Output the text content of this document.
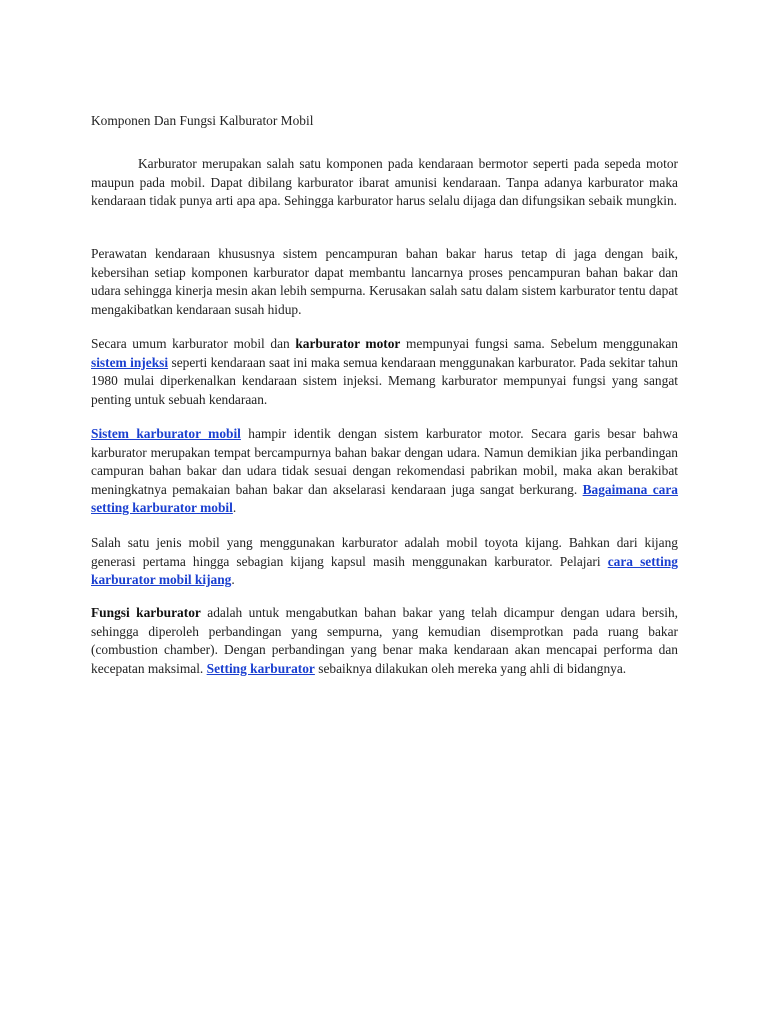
Komponen Dan Fungsi Kalburator Mobil

Karburator merupakan salah satu komponen pada kendaraan bermotor seperti pada sepeda motor maupun pada mobil. Dapat dibilang karburator ibarat amunisi kendaraan. Tanpa adanya karburator maka kendaraan tidak punya arti apa apa. Sehingga karburator harus selalu dijaga dan difungsikan sebaik mungkin.

Perawatan kendaraan khususnya sistem pencampuran bahan bakar harus tetap di jaga dengan baik, kebersihan setiap komponen karburator dapat membantu lancarnya proses pencampuran bahan bakar dan udara sehingga kinerja mesin akan lebih sempurna. Kerusakan salah satu dalam sistem karburator tentu dapat mengakibatkan kendaraan susah hidup.

Secara umum karburator mobil dan karburator motor mempunyai fungsi sama. Sebelum menggunakan sistem injeksi seperti kendaraan saat ini maka semua kendaraan menggunakan karburator. Pada sekitar tahun 1980 mulai diperkenalkan kendaraan sistem injeksi. Memang karburator mempunyai fungsi yang sangat penting untuk sebuah kendaraan.

Sistem karburator mobil hampir identik dengan sistem karburator motor. Secara garis besar bahwa karburator merupakan tempat bercampurnya bahan bakar dengan udara. Namun demikian jika perbandingan campuran bahan bakar dan udara tidak sesuai dengan rekomendasi pabrikan mobil, maka akan berakibat meningkatnya pemakaian bahan bakar dan akselarasi kendaraan juga sangat berkurang. Bagaimana cara setting karburator mobil.

Salah satu jenis mobil yang menggunakan karburator adalah mobil toyota kijang. Bahkan dari kijang generasi pertama hingga sebagian kijang kapsul masih menggunakan karburator. Pelajari cara setting karburator mobil kijang.

Fungsi karburator adalah untuk mengabutkan bahan bakar yang telah dicampur dengan udara bersih, sehingga diperoleh perbandingan yang sempurna, yang kemudian disemprotkan pada ruang bakar (combustion chamber). Dengan perbandingan yang benar maka kendaraan akan mencapai performa dan kecepatan maksimal. Setting karburator sebaiknya dilakukan oleh mereka yang ahli di bidangnya.
